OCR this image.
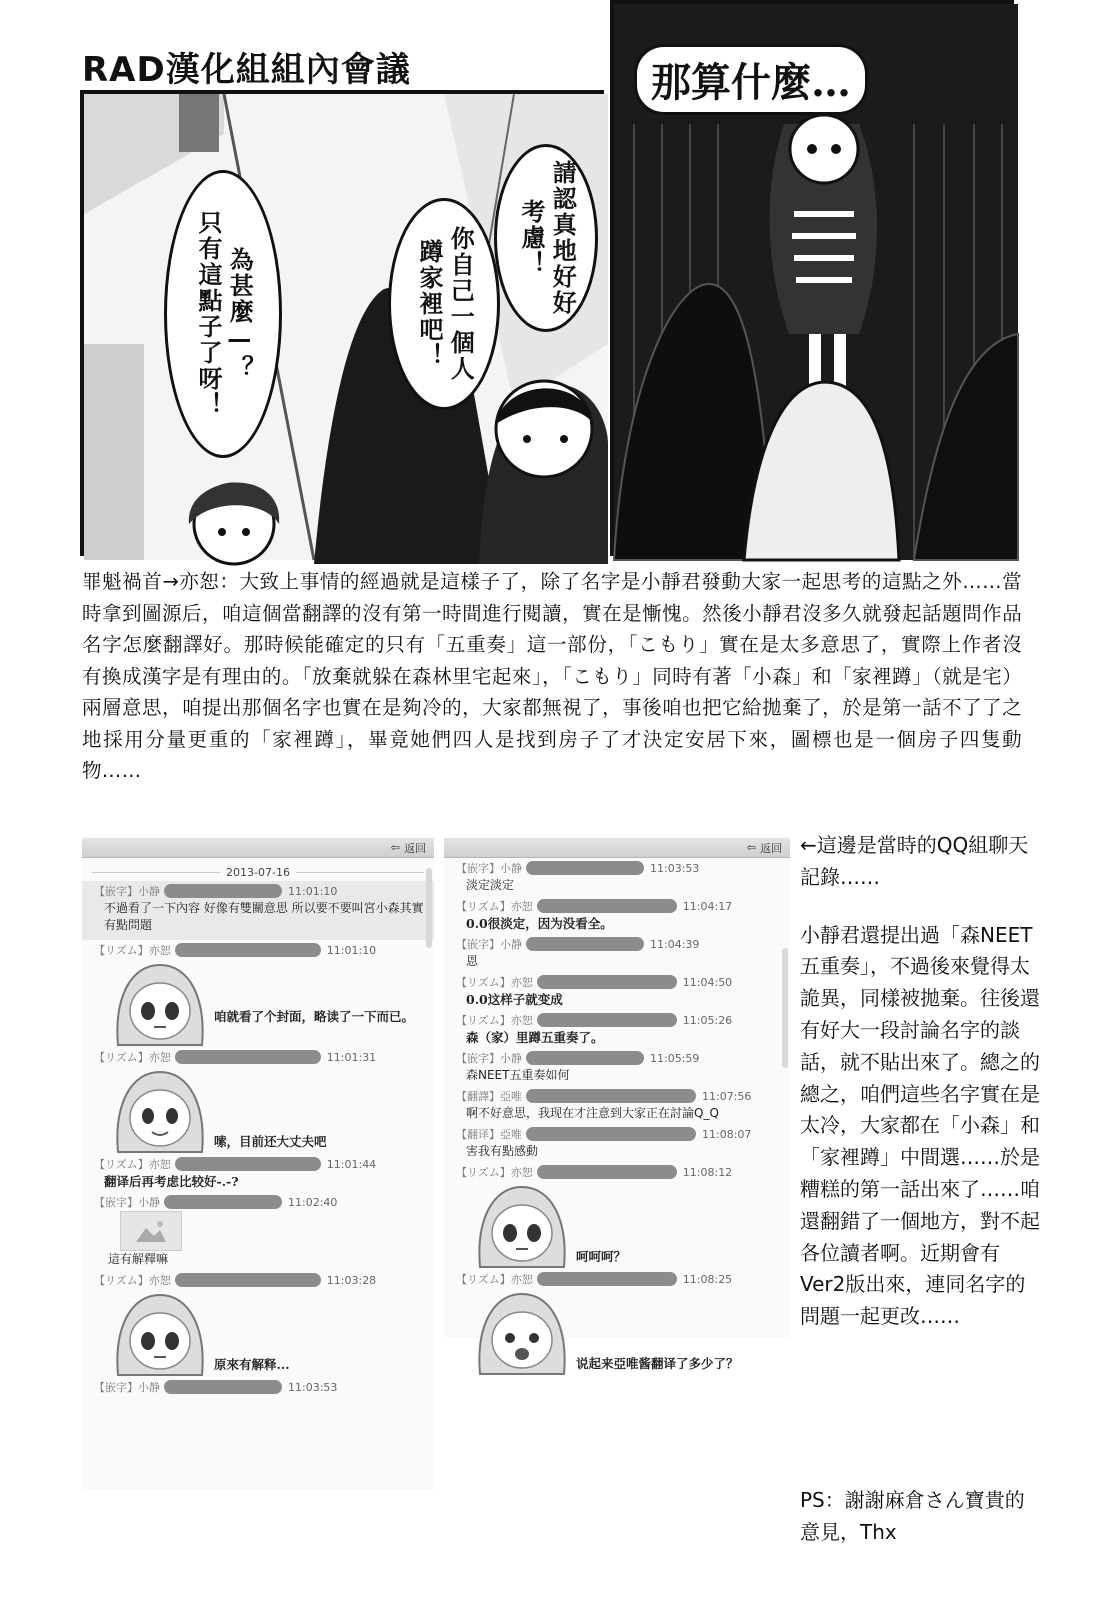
RAD漢化組組內會議
請認真地好好
考慮！
你自己一個人
蹲家裡吧！
為甚麼—？
只有這點子了呀！
那算什麼…
罪魁禍首→亦恕：大致上事情的經過就是這樣子了，除了名字是小靜君發動大家一起思考的這點之外……當時拿到圖源后，咱這個當翻譯的沒有第一時間進行閱讀，實在是慚愧。然後小靜君沒多久就發起話題問作品名字怎麼翻譯好。那時候能確定的只有「五重奏」這一部份，「こもり」實在是太多意思了，實際上作者沒有換成漢字是有理由的。「放棄就躲在森林里宅起來」，「こもり」同時有著「小森」和「家裡蹲」（就是宅）兩層意思，咱提出那個名字也實在是夠冷的，大家都無視了，事後咱也把它給拋棄了，於是第一話不了了之地採用分量更重的「家裡蹲」，畢竟她們四人是找到房子了才決定安居下來，圖標也是一個房子四隻動物……
⇦ 返回
2013-07-16
【嵌字】小静	11:01:10
不過看了一下內容 好像有雙關意思 所以要不要叫宮小森其實有點問題
【リズム】亦恕	11:01:10
咱就看了个封面，略读了一下而已。
【リズム】亦恕	11:01:31
嗦，目前还大丈夫吧
【リズム】亦恕	11:01:44
翻译后再考虑比较好-.-?
【嵌字】小静	11:02:40
這有解釋嘛
【リズム】亦恕	11:03:28
原來有解释...
【嵌字】小静	11:03:53
⇦ 返回
【嵌字】小静	11:03:53
淡定淡定
【リズム】亦恕	11:04:17
0.0很淡定，因为没看全。
【嵌字】小静	11:04:39
恩
【リズム】亦恕	11:04:50
0.0这样子就变成
【リズム】亦恕	11:05:26
森（家）里蹲五重奏了。
【嵌字】小静	11:05:59
森NEET五重奏如何
【翻譯】亞唯	11:07:56
啊不好意思，我现在才注意到大家正在討論Q_Q
【翻译】亞唯	11:08:07
害我有點感動
【リズム】亦恕	11:08:12
呵呵呵？
【リズム】亦恕	11:08:25
说起来亞唯酱翻译了多少了？

←這邊是當時的QQ組聊天記錄……

小靜君還提出過「森NEET五重奏」，不過後來覺得太詭異，同樣被拋棄。往後還有好大一段討論名字的談話，就不貼出來了。總之的總之，咱們這些名字實在是太冷，大家都在「小森」和「家裡蹲」中間選……於是糟糕的第一話出來了……咱還翻錯了一個地方，對不起各位讀者啊。近期會有Ver2版出來，連同名字的問題一起更改……

PS：謝謝麻倉さん寶貴的意見，Thx
